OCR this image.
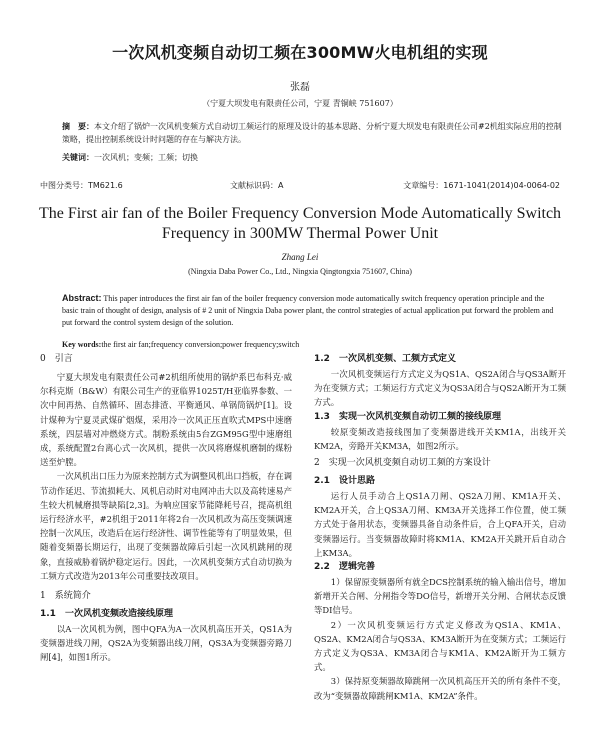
一次风机变频自动切工频在300MW火电机组的实现
张磊
（宁夏大坝发电有限责任公司，宁夏 青铜峡 751607）
摘　要：本文介绍了锅炉一次风机变频方式自动切工频运行的原理及设计的基本思路、分析宁夏大坝发电有限责任公司#2机组实际应用的控制策略，提出控制系统设计时问题的存在与解决方法。
关键词：一次风机；变频；工频；切换
中图分类号：TM621.6	文献标识码：A	文章编号：1671-1041(2014)04-0064-02
The First air fan of the Boiler Frequency Conversion Mode Automatically Switch Frequency in 300MW Thermal Power Unit
Zhang Lei
(Ningxia Daba Power Co., Ltd., Ningxia Qingtongxia 751607, China)
Abstract: This paper introduces the first air fan of the boiler frequency conversion mode automatically switch frequency operation principle and the basic train of thought of design, analysis of # 2 unit of Ningxia Daba power plant, the control strategies of actual application put forward the problem and put forward the control system design of the solution.
Key words:the first air fan;frequency conversion;power frequency;switch
0　引言

宁夏大坝发电有限责任公司#2机组所使用的锅炉系巴布科克·威尔科克斯（B&W）有限公司生产的亚临界1025T/H亚临界参数、一次中间再热、自然循环、固态排渣、平衡通风、单锅筒锅炉[1]。设计煤种为宁夏灵武煤矿烟煤，采用冷一次风正压直吹式MPS中速磨系统，四层墙对冲燃烧方式。制粉系统由5台ZGM95G型中速磨组成，系统配置2台离心式一次风机，提供一次风将磨煤机磨制的煤粉送至炉膛。

一次风机出口压力为原来控制方式为调整风机出口挡板，存在调节动作延迟、节流损耗大、风机启动时对电网冲击大以及高转速易产生较大机械磨损等缺陷[2,3]。为响应国家节能降耗号召，提高机组运行经济水平，#2机组于2011年将2台一次风机改为高压变频调速控制一次风压，改造后在运行经济性、调节性能等有了明显效果，但随着变频器长期运行，出现了变频器故障后引起一次风机跳闸的现象，直接威胁着锅炉稳定运行。因此，一次风机变频方式自动切换为工频方式改造为2013年公司重要技改项目。

1　系统简介
1.1　一次风机变频改造接线原理

以A一次风机为例，图中QFA为A一次风机高压开关，QS1A为变频器进线刀闸，QS2A为变频器出线刀闸，QS3A为变频器旁路刀闸[4]，如图1所示。

1.2　一次风机变频、工频方式定义

一次风机变频运行方式定义为QS1A、QS2A闭合与QS3A断开为在变频方式；工频运行方式定义为QS3A闭合与QS2A断开为工频方式。

1.3　实现一次风机变频自动切工频的接线原理

较原变频改造接线图加了变频器进线开关KM1A，出线开关KM2A，旁路开关KM3A，如图2所示。

2　实现一次风机变频自动切工频的方案设计
2.1　设计思路

运行人员手动合上QS1A刀闸、QS2A刀闸、KM1A开关、KM2A开关，合上QS3A刀闸、KM3A开关选择工作位置，使工频方式处于备用状态，变频器具备自动条件后，合上QFA开关，启动变频器运行。当变频器故障时将KM1A、KM2A开关跳开后自动合上KM3A。

2.2　逻辑完善

1）保留原变频器所有就全DCS控制系统的输入输出信号，增加新增开关合闸、分闸指令等DO信号，新增开关分闸、合闸状态反馈等DI信号。

2）一次风机变频运行方式定义修改为QS1A、KM1A、QS2A、KM2A闭合与QS3A、KM3A断开为在变频方式；工频运行方式定义为QS3A、KM3A闭合与KM1A、KM2A断开为工频方式。

3）保持原变频器故障跳闸一次风机高压开关的所有条件不变，改为“变频器故障跳闸KM1A、KM2A”条件。
